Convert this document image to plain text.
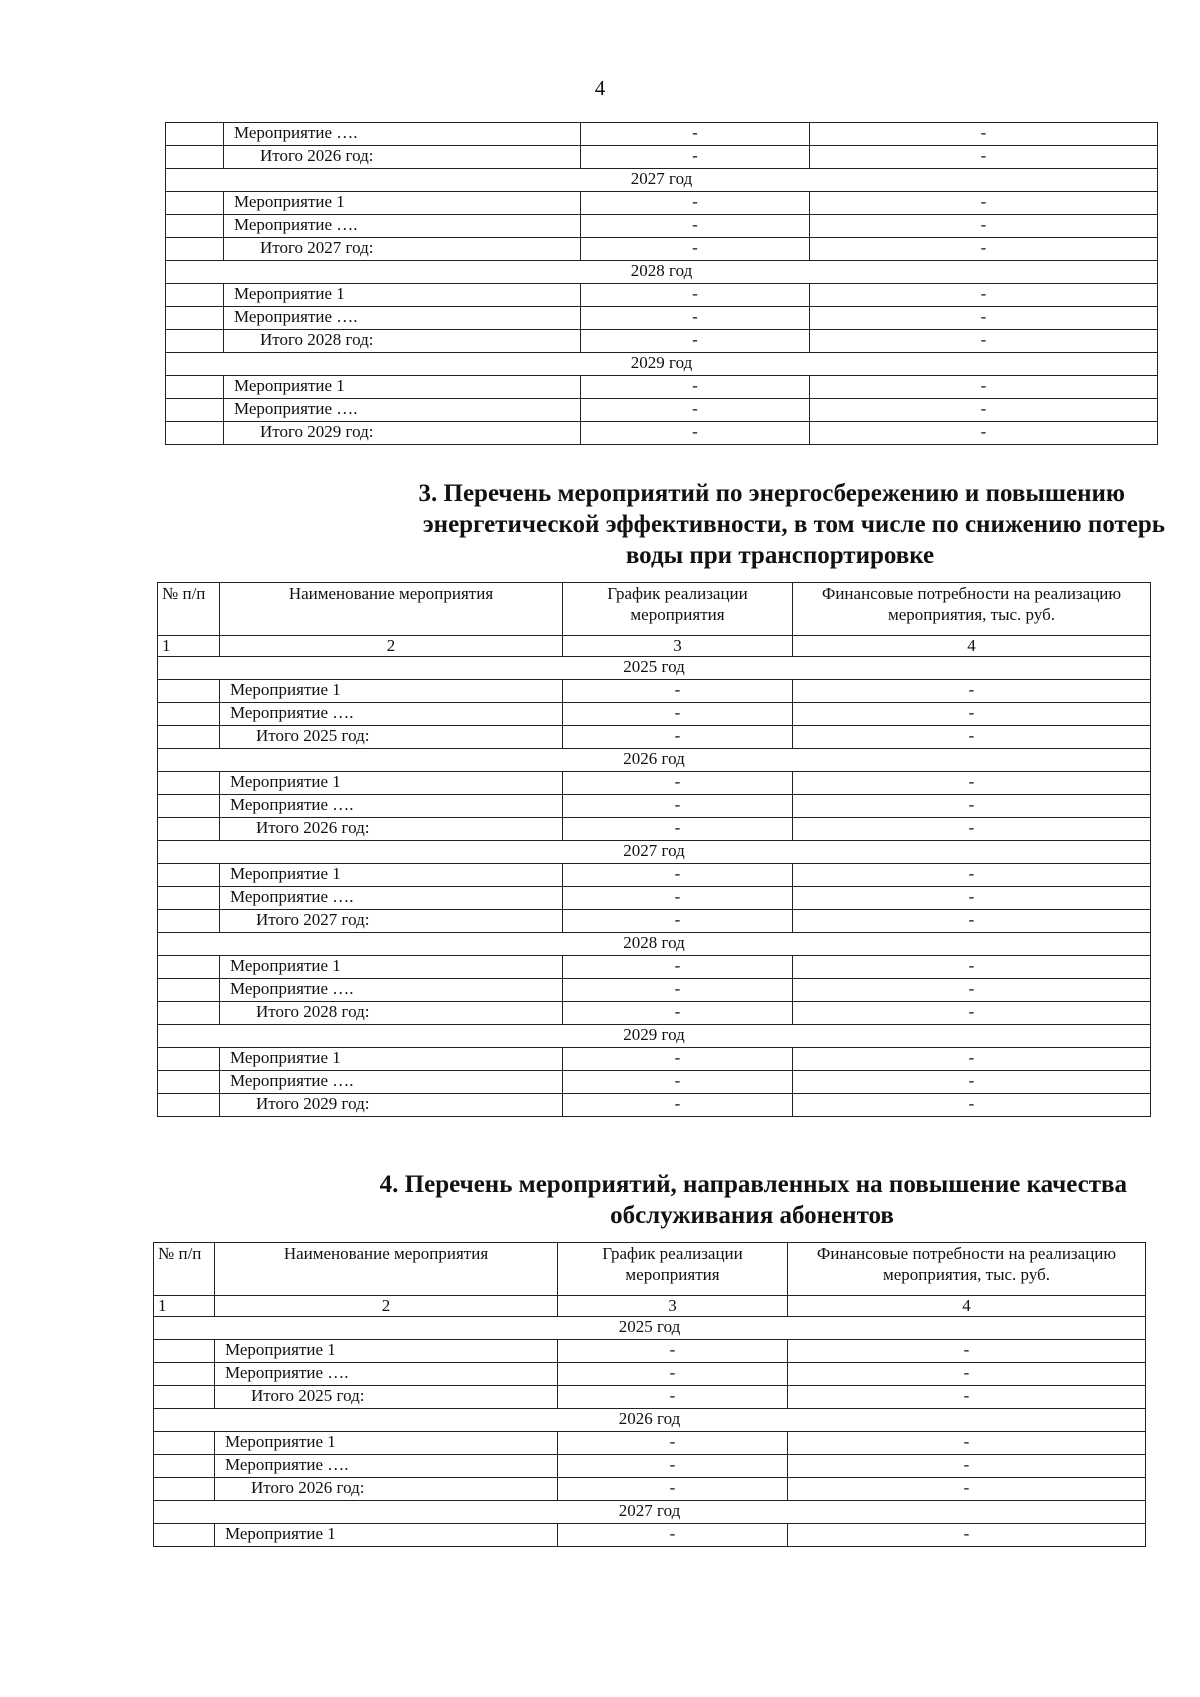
4
	Мероприятие ….	-	-
	Итого 2026 год:	-	-
2027 год			
	Мероприятие 1	-	-
	Мероприятие ….	-	-
	Итого 2027 год:	-	-
2028 год			
	Мероприятие 1	-	-
	Мероприятие ….	-	-
	Итого 2028 год:	-	-
2029 год			
	Мероприятие 1	-	-
	Мероприятие ….	-	-
	Итого 2029 год:	-	-
3. Перечень мероприятий по энергосбережению и повышению
энергетической эффективности, в том числе по снижению потерь
воды при транспортировке
№ п/п	Наименование мероприятия	График реализации мероприятия	Финансовые потребности на реализацию мероприятия, тыс. руб.
1	2	3	4
2025 год			
	Мероприятие 1	-	-
	Мероприятие ….	-	-
	Итого 2025 год:	-	-
2026 год			
	Мероприятие 1	-	-
	Мероприятие ….	-	-
	Итого 2026 год:	-	-
2027 год			
	Мероприятие 1	-	-
	Мероприятие ….	-	-
	Итого 2027 год:	-	-
2028 год			
	Мероприятие 1	-	-
	Мероприятие ….	-	-
	Итого 2028 год:	-	-
2029 год			
	Мероприятие 1	-	-
	Мероприятие ….	-	-
	Итого 2029 год:	-	-
4. Перечень мероприятий, направленных на повышение качества
обслуживания абонентов
№ п/п	Наименование мероприятия	График реализации мероприятия	Финансовые потребности на реализацию мероприятия, тыс. руб.
1	2	3	4
2025 год			
	Мероприятие 1	-	-
	Мероприятие ….	-	-
	Итого 2025 год:	-	-
2026 год			
	Мероприятие 1	-	-
	Мероприятие ….	-	-
	Итого 2026 год:	-	-
2027 год			
	Мероприятие 1	-	-
